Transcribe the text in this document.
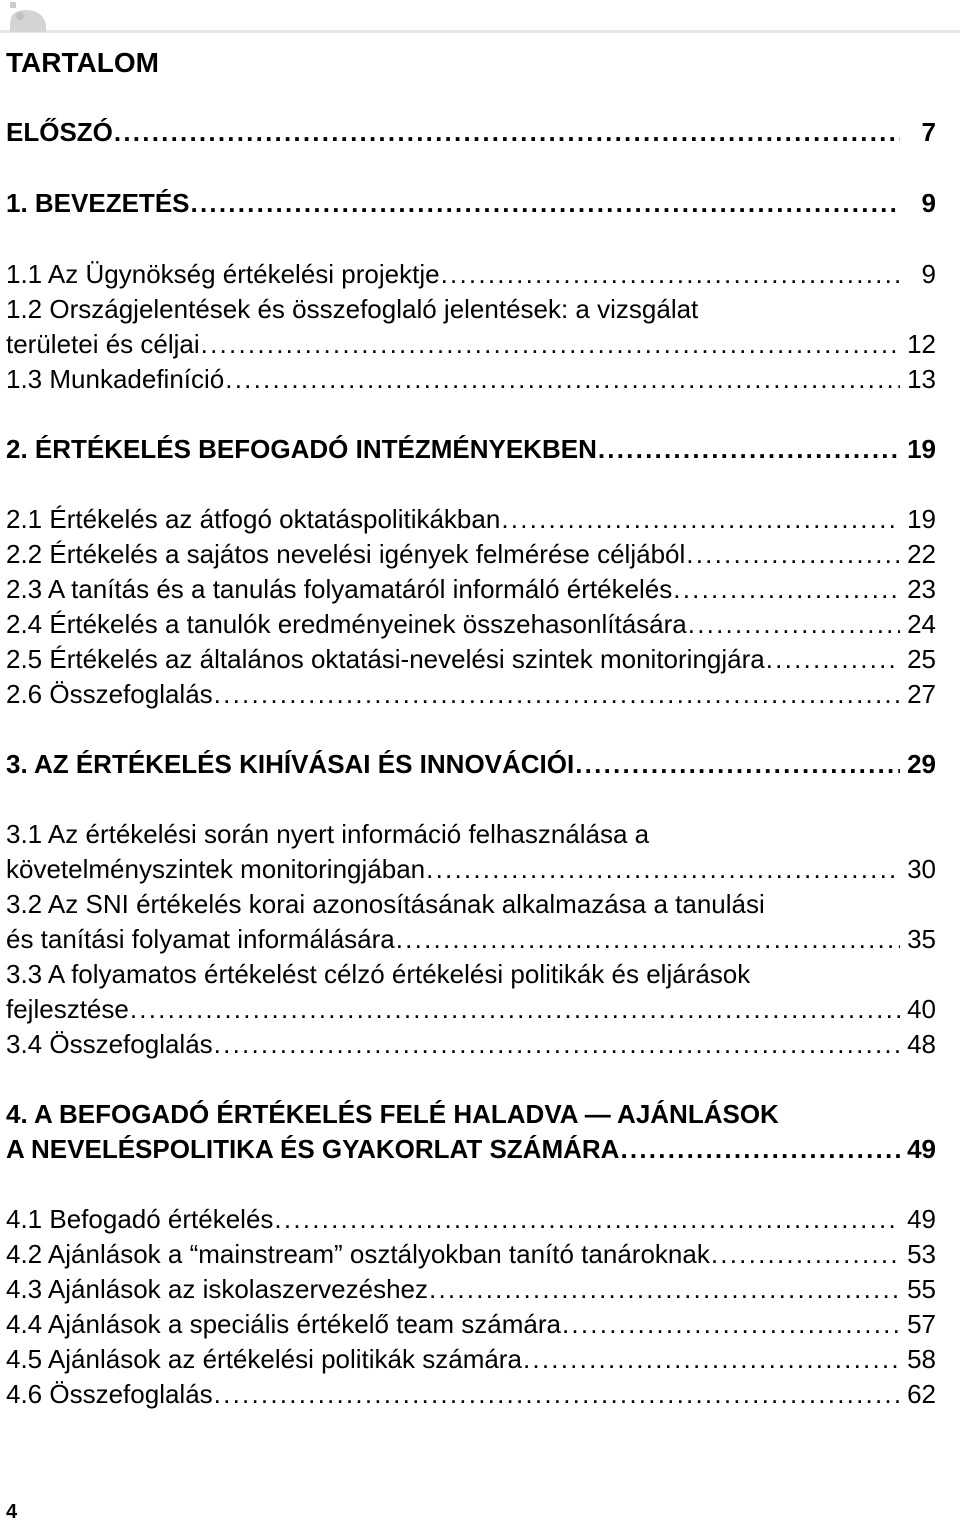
TARTALOM
ELŐSZÓ . . .	7
1. BEVEZETÉS . . .	9
1.1 Az Ügynökség értékelési projektje . . .	9
1.2 Országjelentések és összefoglaló jelentések: a vizsgálat
területei és céljai . . .	12
1.3 Munkadefiníció . . .	13
2. ÉRTÉKELÉS BEFOGADÓ INTÉZMÉNYEKBEN . . .	19
2.1 Értékelés az átfogó oktatáspolitikákban . . .	19
2.2 Értékelés a sajátos nevelési igények felmérése céljából . . .	22
2.3 A tanítás és a tanulás folyamatáról informáló értékelés . . .	23
2.4 Értékelés a tanulók eredményeinek összehasonlítására . . .	24
2.5 Értékelés az általános oktatási-nevelési szintek monitoringjára . . .	25
2.6 Összefoglalás . . .	27
3. AZ ÉRTÉKELÉS KIHÍVÁSAI ÉS INNOVÁCIÓI . . .	29
3.1 Az értékelési során nyert információ felhasználása a
követelményszintek monitoringjában . . .	30
3.2 Az SNI értékelés korai azonosításának alkalmazása a tanulási
és tanítási folyamat informálására . . .	35
3.3 A folyamatos értékelést célzó értékelési politikák és eljárások
fejlesztése . . .	40
3.4 Összefoglalás . . .	48
4. A BEFOGADÓ ÉRTÉKELÉS FELÉ HALADVA ― AJÁNLÁSOK
A NEVELÉSPOLITIKA ÉS GYAKORLAT SZÁMÁRA . . .	49
4.1 Befogadó értékelés . . .	49
4.2 Ajánlások a “mainstream” osztályokban tanító tanároknak . . .	53
4.3 Ajánlások az iskolaszervezéshez . . .	55
4.4 Ajánlások a speciális értékelő team számára . . .	57
4.5 Ajánlások az értékelési politikák számára . . .	58
4.6 Összefoglalás . . .	62
4
